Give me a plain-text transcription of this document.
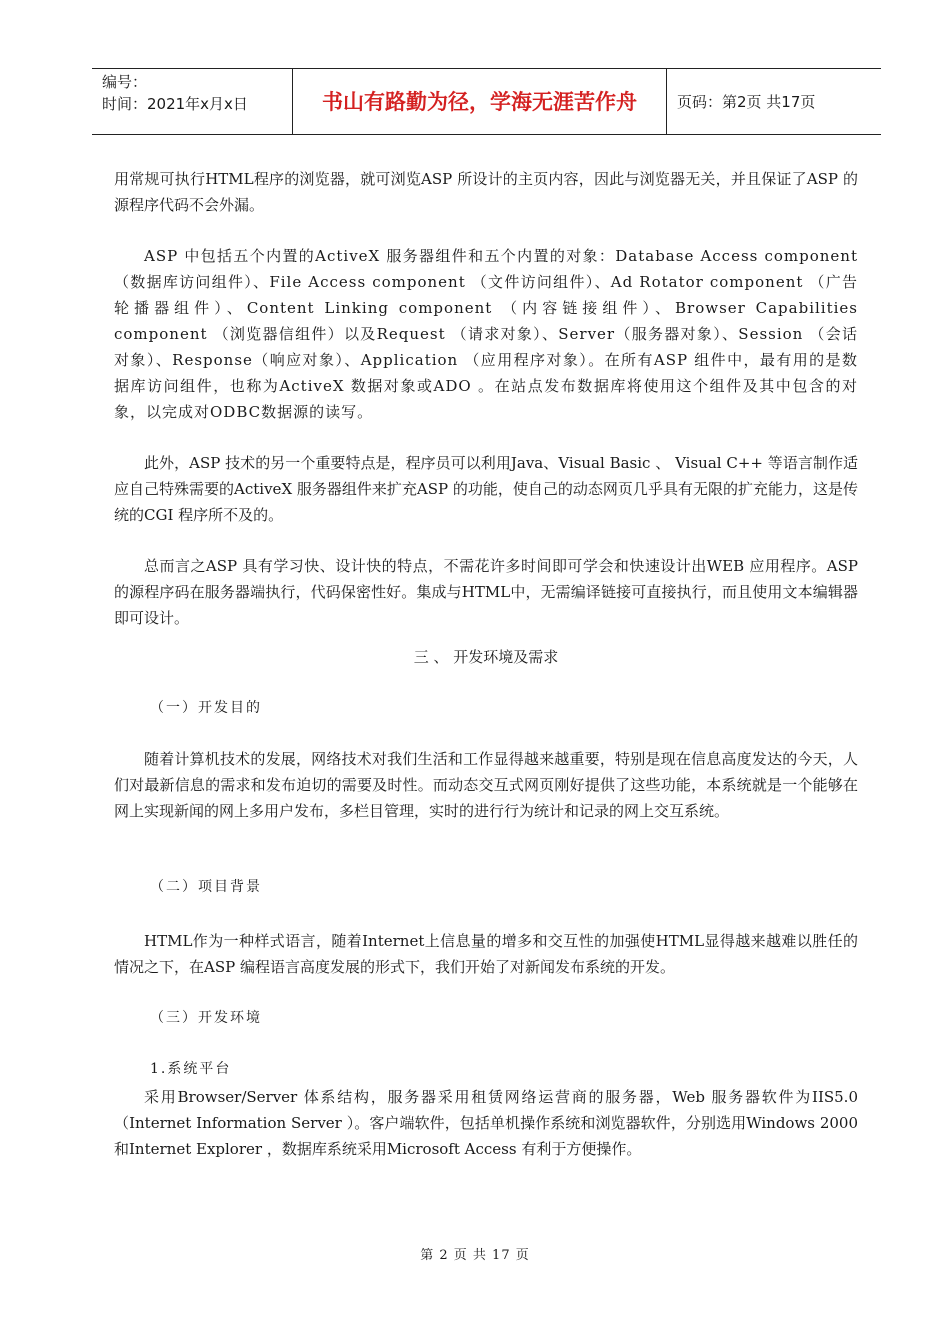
编号：
时间：2021年x月x日	书山有路勤为径，学海无涯苦作舟	页码：第2页 共17页

用常规可执行HTML程序的浏览器，就可浏览ASP 所设计的主页内容，因此与浏览器无关，并且保证了ASP 的源程序代码不会外漏。

ASP 中包括五个内置的ActiveX 服务器组件和五个内置的对象：Database Access component （数据库访问组件）、File Access component （文件访问组件）、Ad Rotator component （广告轮播器组件）、Content Linking component （内容链接组件）、Browser Capabilities component （浏览器信组件）以及Request （请求对象）、Server（服务器对象）、Session （会话对象）、Response（响应对象）、Application （应用程序对象）。在所有ASP 组件中，最有用的是数据库访问组件，也称为ActiveX 数据对象或ADO 。在站点发布数据库将使用这个组件及其中包含的对象，以完成对ODBC数据源的读写。

此外，ASP 技术的另一个重要特点是，程序员可以利用Java、Visual Basic 、 Visual C++ 等语言制作适应自己特殊需要的ActiveX 服务器组件来扩充ASP 的功能，使自己的动态网页几乎具有无限的扩充能力，这是传统的CGI 程序所不及的。

总而言之ASP 具有学习快、设计快的特点，不需花许多时间即可学会和快速设计出WEB 应用程序。ASP 的源程序码在服务器端执行，代码保密性好。集成与HTML中，无需编译链接可直接执行，而且使用文本编辑器即可设计。

三 、 开发环境及需求
（一）开发目的

随着计算机技术的发展，网络技术对我们生活和工作显得越来越重要，特别是现在信息高度发达的今天，人们对最新信息的需求和发布迫切的需要及时性。而动态交互式网页刚好提供了这些功能，本系统就是一个能够在网上实现新闻的网上多用户发布，多栏目管理，实时的进行行为统计和记录的网上交互系统。

（二）项目背景

HTML作为一种样式语言，随着Internet上信息量的增多和交互性的加强使HTML显得越来越难以胜任的情况之下，在ASP 编程语言高度发展的形式下，我们开始了对新闻发布系统的开发。

（三）开发环境
1.系统平台

采用Browser/Server 体系结构，服务器采用租赁网络运营商的服务器，Web 服务器软件为IIS5.0（Internet Information Server ）。客户端软件，包括单机操作系统和浏览器软件，分别选用Windows 2000 和Internet Explorer ，数据库系统采用Microsoft Access 有利于方便操作。

第 2 页 共 17 页
